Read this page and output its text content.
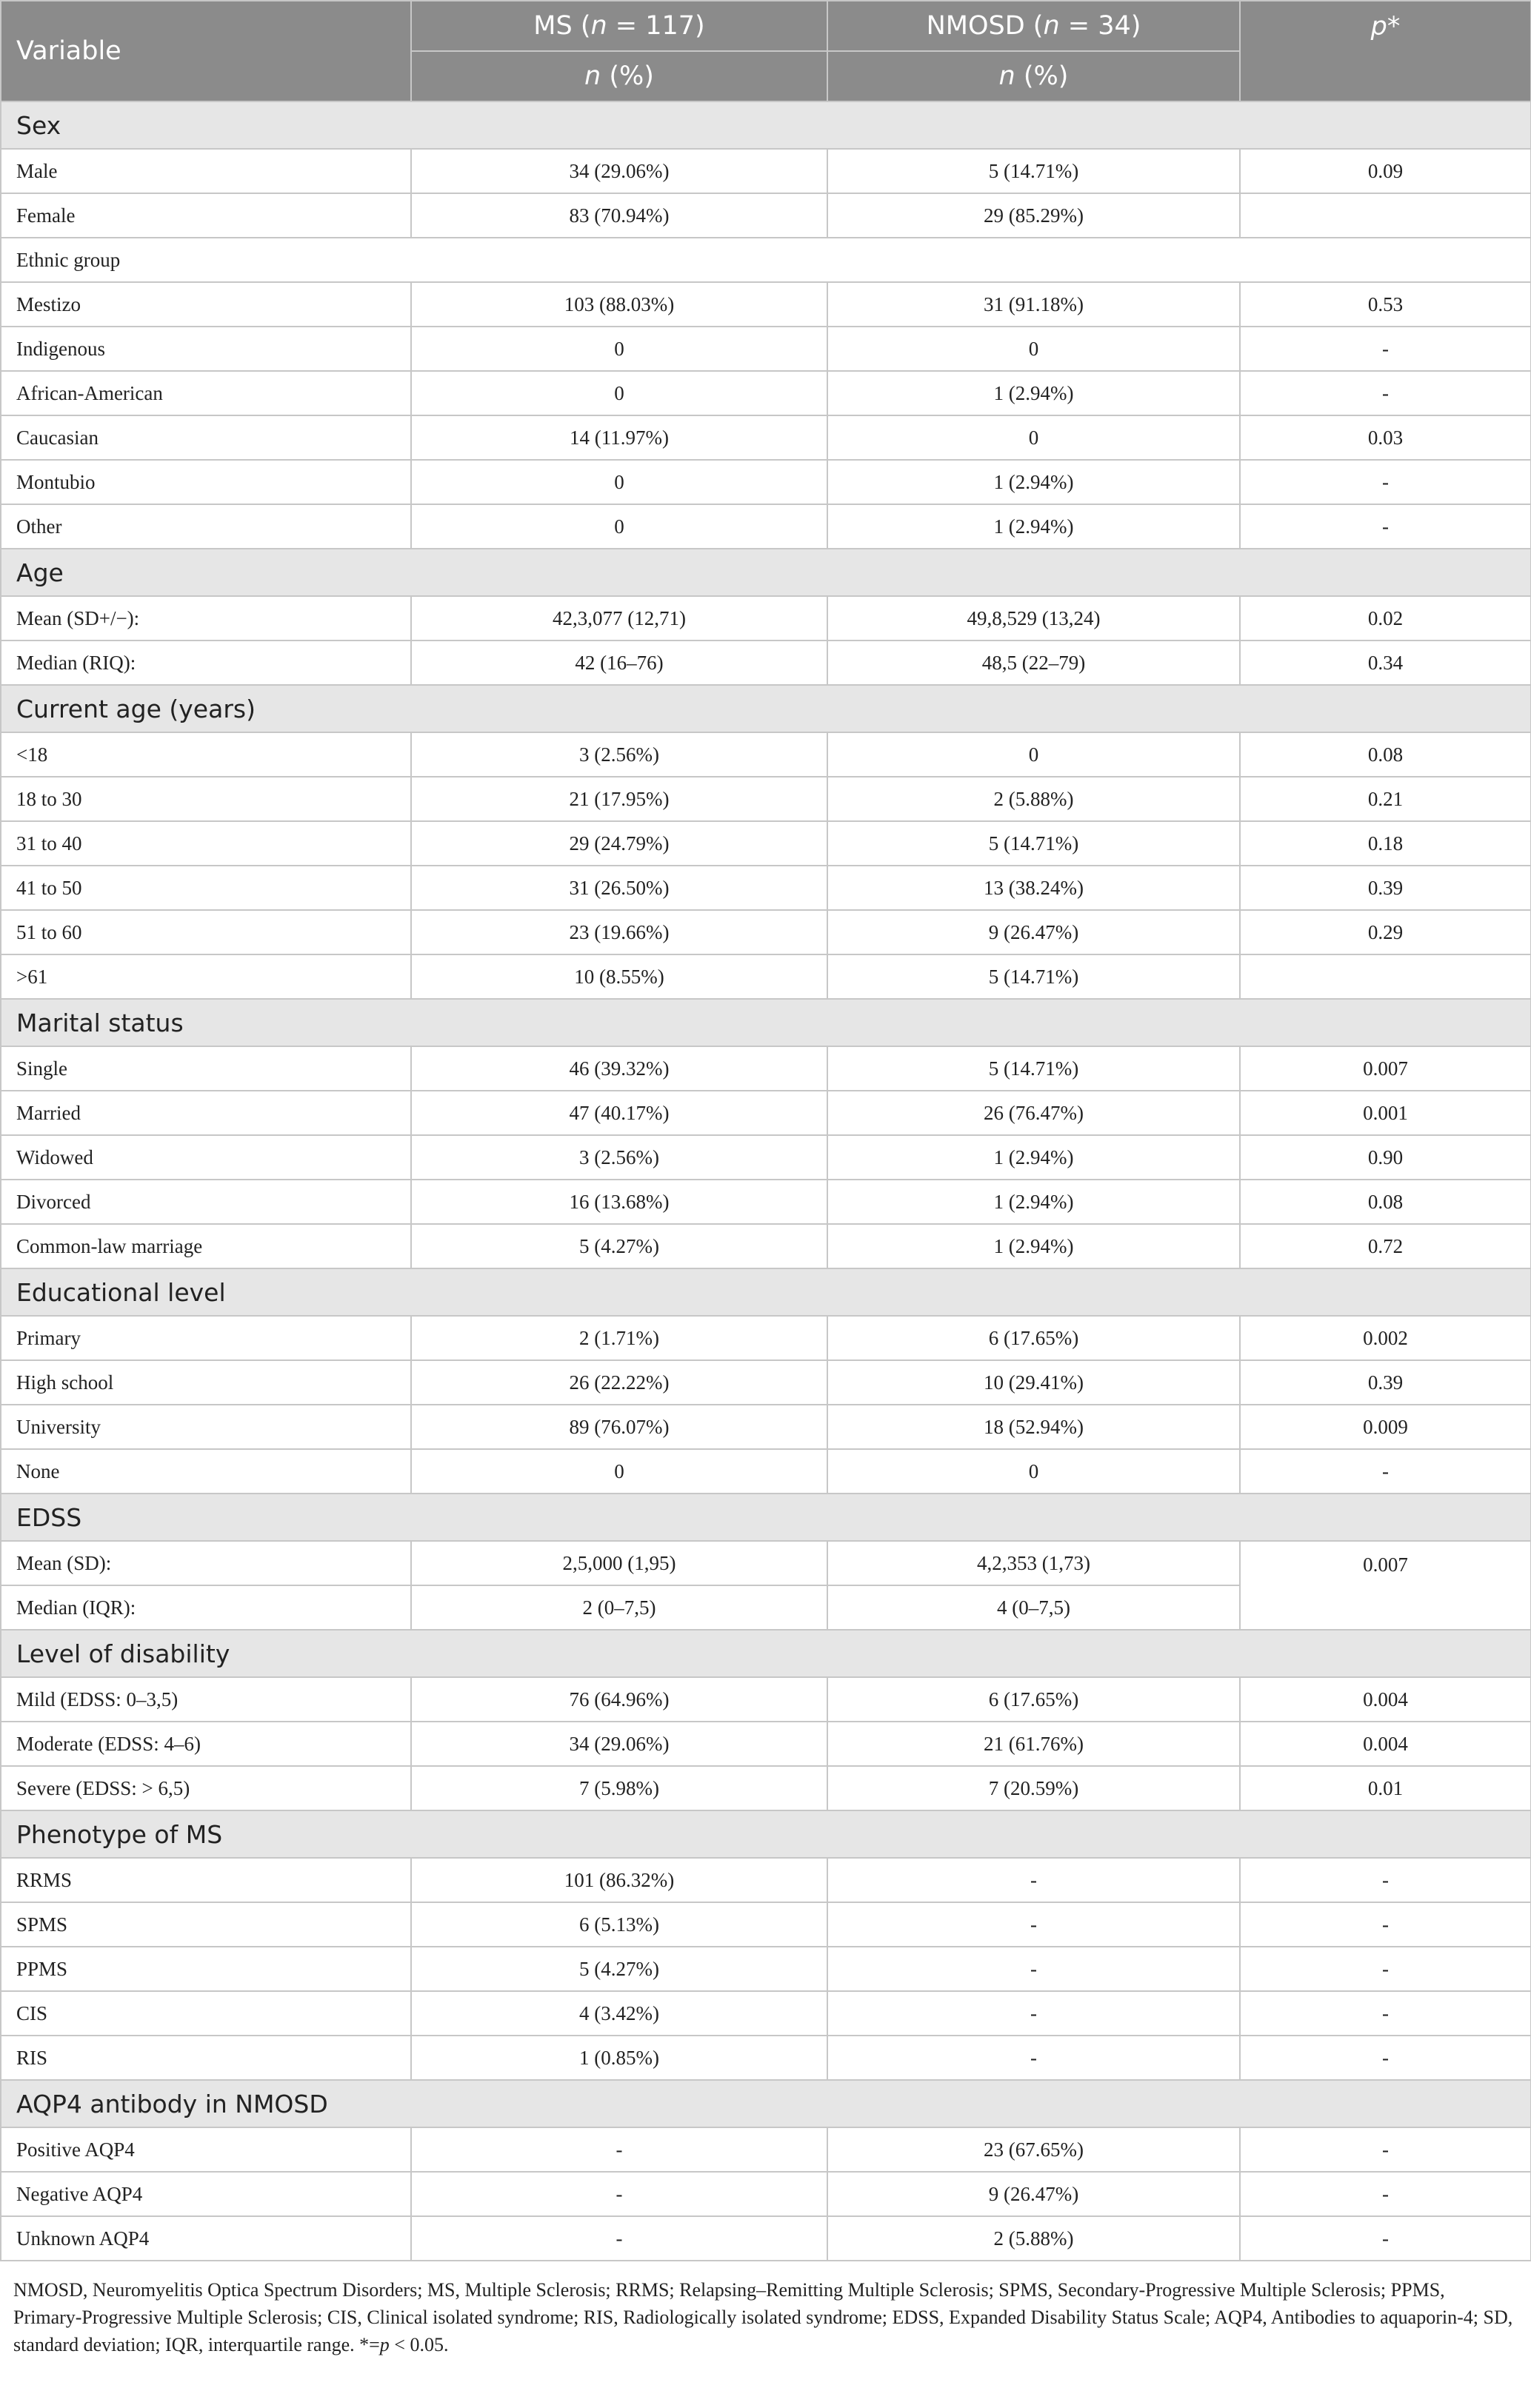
Variable	MS (n = 117)	NMOSD (n = 34)	p*
	n (%)	n (%)	
Sex			
Male	34 (29.06%)	5 (14.71%)	0.09
Female	83 (70.94%)	29 (85.29%)	
Ethnic group			
Mestizo	103 (88.03%)	31 (91.18%)	0.53
Indigenous	0	0	-
African-American	0	1 (2.94%)	-
Caucasian	14 (11.97%)	0	0.03
Montubio	0	1 (2.94%)	-
Other	0	1 (2.94%)	-
Age			
Mean (SD+/−):	42,3,077 (12,71)	49,8,529 (13,24)	0.02
Median (RIQ):	42 (16–76)	48,5 (22–79)	0.34
Current age (years)			
<18	3 (2.56%)	0	0.08
18 to 30	21 (17.95%)	2 (5.88%)	0.21
31 to 40	29 (24.79%)	5 (14.71%)	0.18
41 to 50	31 (26.50%)	13 (38.24%)	0.39
51 to 60	23 (19.66%)	9 (26.47%)	0.29
>61	10 (8.55%)	5 (14.71%)	
Marital status			
Single	46 (39.32%)	5 (14.71%)	0.007
Married	47 (40.17%)	26 (76.47%)	0.001
Widowed	3 (2.56%)	1 (2.94%)	0.90
Divorced	16 (13.68%)	1 (2.94%)	0.08
Common-law marriage	5 (4.27%)	1 (2.94%)	0.72
Educational level			
Primary	2 (1.71%)	6 (17.65%)	0.002
High school	26 (22.22%)	10 (29.41%)	0.39
University	89 (76.07%)	18 (52.94%)	0.009
None	0	0	-
EDSS			
Mean (SD):	2,5,000 (1,95)	4,2,353 (1,73)	0.007
Median (IQR):	2 (0–7,5)	4 (0–7,5)	
Level of disability			
Mild (EDSS: 0–3,5)	76 (64.96%)	6 (17.65%)	0.004
Moderate (EDSS: 4–6)	34 (29.06%)	21 (61.76%)	0.004
Severe (EDSS: > 6,5)	7 (5.98%)	7 (20.59%)	0.01
Phenotype of MS			
RRMS	101 (86.32%)	-	-
SPMS	6 (5.13%)	-	-
PPMS	5 (4.27%)	-	-
CIS	4 (3.42%)	-	-
RIS	1 (0.85%)	-	-
AQP4 antibody in NMOSD			
Positive AQP4	-	23 (67.65%)	-
Negative AQP4	-	9 (26.47%)	-
Unknown AQP4	-	2 (5.88%)	-
NMOSD, Neuromyelitis Optica Spectrum Disorders; MS, Multiple Sclerosis; RRMS; Relapsing–Remitting Multiple Sclerosis; SPMS, Secondary-Progressive Multiple Sclerosis; PPMS, Primary-Progressive Multiple Sclerosis; CIS, Clinical isolated syndrome; RIS, Radiologically isolated syndrome; EDSS, Expanded Disability Status Scale; AQP4, Antibodies to aquaporin-4; SD, standard deviation; IQR, interquartile range. *=p < 0.05.
